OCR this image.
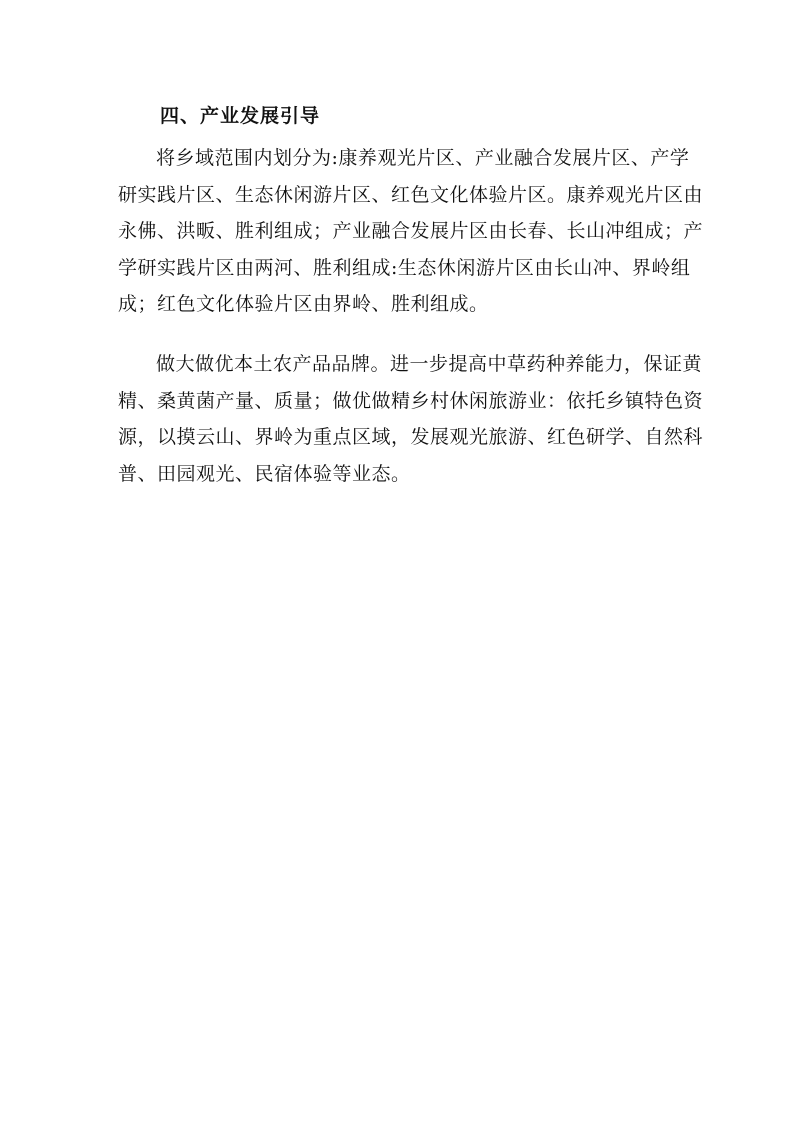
四、产业发展引导
将乡域范围内划分为:康养观光片区、产业融合发展片区、产学
研实践片区、生态休闲游片区、红色文化体验片区。康养观光片区由
永佛、洪畈、胜利组成；产业融合发展片区由长春、长山冲组成；产
学研实践片区由两河、胜利组成:生态休闲游片区由长山冲、界岭组
成；红色文化体验片区由界岭、胜利组成。
做大做优本土农产品品牌。进一步提高中草药种养能力，保证黄
精、桑黄菌产量、质量；做优做精乡村休闲旅游业：依托乡镇特色资
源，以摸云山、界岭为重点区域，发展观光旅游、红色研学、自然科
普、田园观光、民宿体验等业态。
